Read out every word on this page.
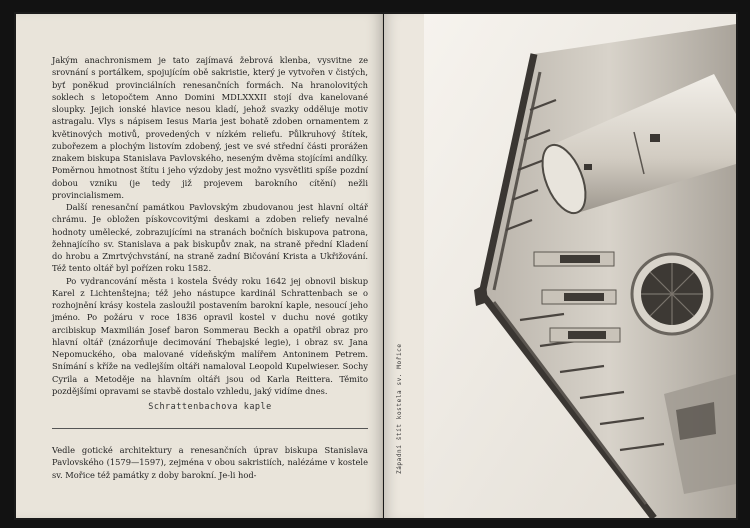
Jakým anachronismem je tato zajímavá žebrová klenba, vysvitne ze srovnání s portálkem, spojujícím obě sakristie, který je vytvořen v čistých, byť poněkud provinciálních renesančních formách. Na hranolovitých soklech s letopočtem Anno Domini MDLXXXII stojí dva kanelované sloupky. Jejich ionské hlavice nesou kladí, jehož svazky odděluje motiv astragalu. Vlys s nápisem Iesus Maria jest bohatě zdoben ornamentem z květinových motivů, provedených v nízkém reliefu. Půlkruhový štítek, zubořezem a plochým listovím zdobený, jest ve své střední části prorážen znakem biskupa Stanislava Pavlovského, neseným dvěma stojícími andílky. Poměrnou hmotnost štítu i jeho výzdoby jest možno vysvětliti spíše pozdní dobou vzniku (je tedy již projevem barokního cítění) nežli provincialismem.

Další renesanční památkou Pavlovským zbudovanou jest hlavní oltář chrámu. Je obložen pískovcovitými deskami a zdoben reliefy nevalné hodnoty umělecké, zobrazujícími na stranách bočních biskupova patrona, žehnajícího sv. Stanislava a pak biskupův znak, na straně přední Kladení do hrobu a Zmrtvýchvstání, na straně zadní Bičování Krista a Ukřižování. Též tento oltář byl pořízen roku 1582.

Po vydrancování města i kostela Švédy roku 1642 jej obnovil biskup Karel z Lichtenštejna; též jeho nástupce kardinál Schrattenbach se o rozhojnění krásy kostela zasloužil postavením barokní kaple, nesoucí jeho jméno. Po požáru v roce 1836 opravil kostel v duchu nové gotiky arcibiskup Maxmilián Josef baron Sommerau Beckh a opatřil obraz pro hlavní oltář (znázorňuje decimování Thebajské legie), i obraz sv. Jana Nepomuckého, oba malované vídeňským malířem Antoninem Petrem. Snímání s kříže na vedlejším oltáři namaloval Leopold Kupelwieser. Sochy Cyrila a Metoděje na hlavním oltáři jsou od Karla Reittera. Těmito pozdějšími opravami se stavbě dostalo vzhledu, jaký vidíme dnes.

Schrattenbachova kaple

Vedle gotické architektury a renesančních úprav biskupa Stanislava Pavlovského (1579—1597), zejména v obou sakristiích, nalézáme v kostele sv. Mořice též památky z doby barokní. Je-li hod-

Západní štít kostela sv. Mořice
